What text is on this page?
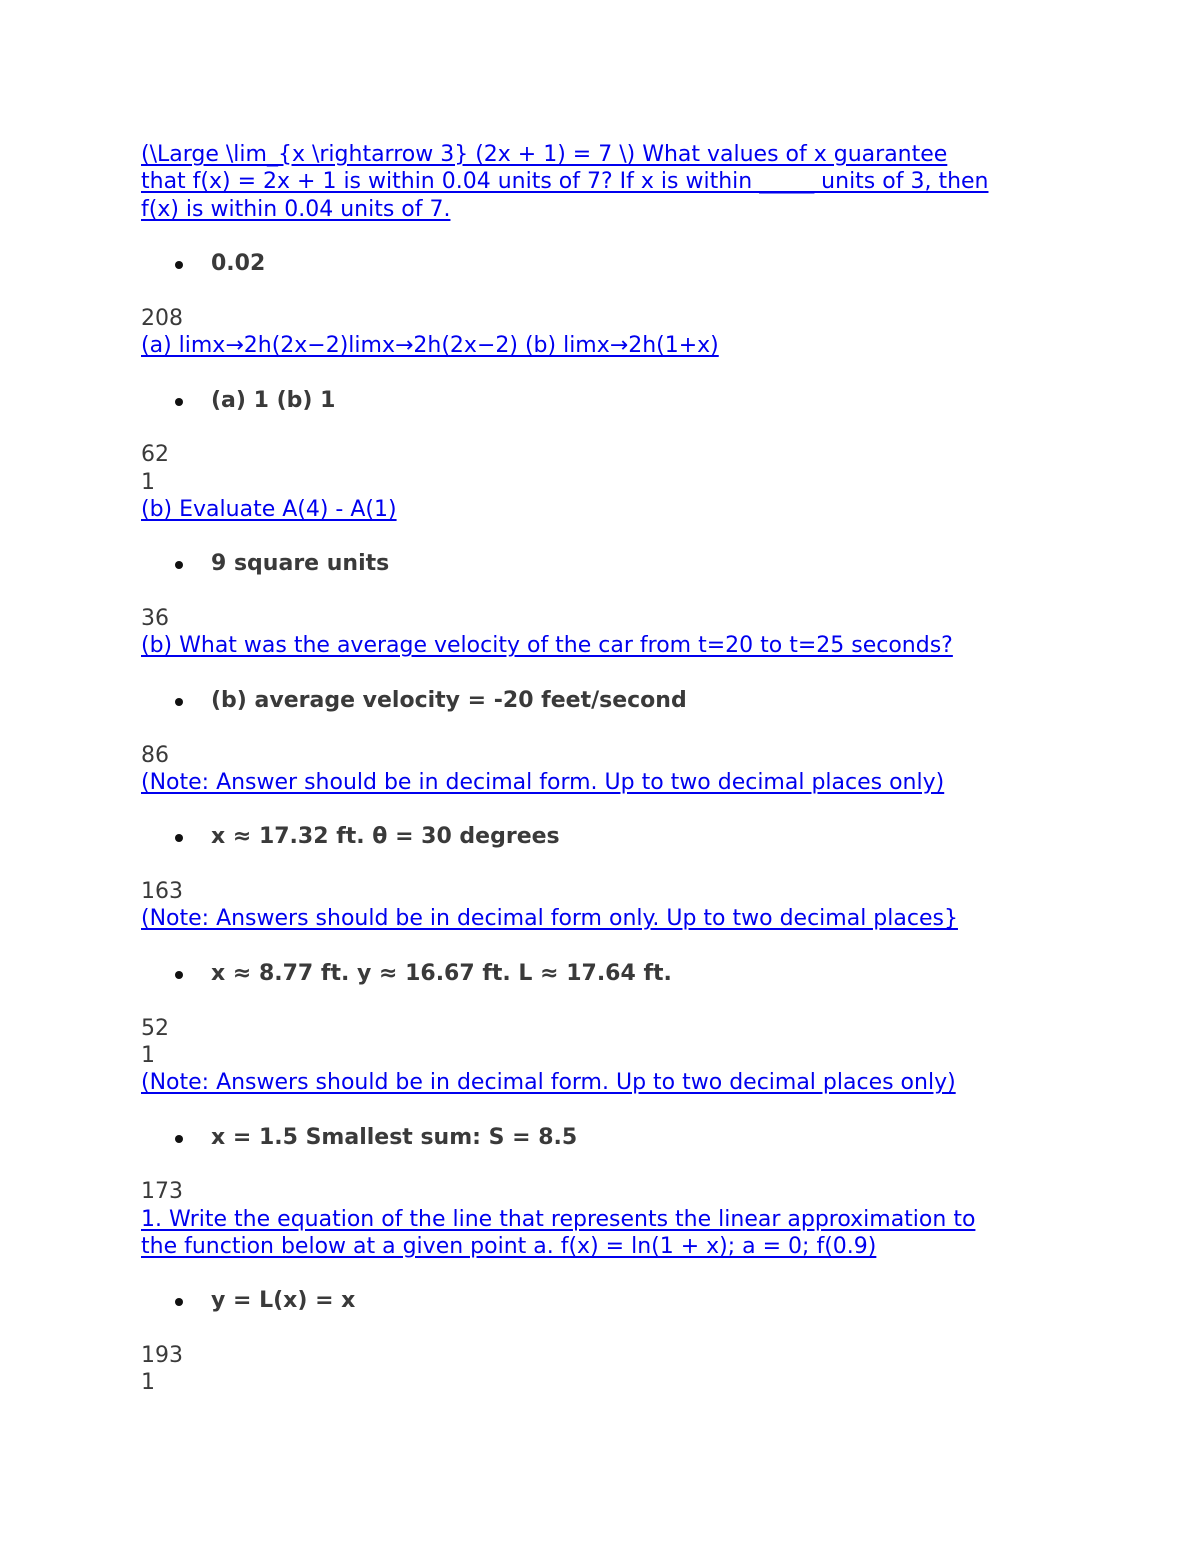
(\Large \lim_{x \rightarrow 3} (2x + 1) = 7 \) What values of x guarantee
that f(x) = 2x + 1 is within 0.04 units of 7? If x is within _____ units of 3, then
f(x) is within 0.04 units of 7.
0.02
208
(a) limx→2h(2x−2)limx→2h(2x−2) (b) limx→2h(1+x)
(a) 1 (b) 1
62
1
(b) Evaluate A(4) - A(1)
9 square units
36
(b) What was the average velocity of the car from t=20 to t=25 seconds?
(b) average velocity = -20 feet/second
86
(Note: Answer should be in decimal form. Up to two decimal places only)
x ≈ 17.32 ft. θ = 30 degrees
163
(Note: Answers should be in decimal form only. Up to two decimal places}
x ≈ 8.77 ft. y ≈ 16.67 ft. L ≈ 17.64 ft.
52
1
(Note: Answers should be in decimal form. Up to two decimal places only)
x = 1.5 Smallest sum: S = 8.5
173
1. Write the equation of the line that represents the linear approximation to
the function below at a given point a. f(x) = ln(1 + x); a = 0; f(0.9)
y = L(x) = x
193
1
